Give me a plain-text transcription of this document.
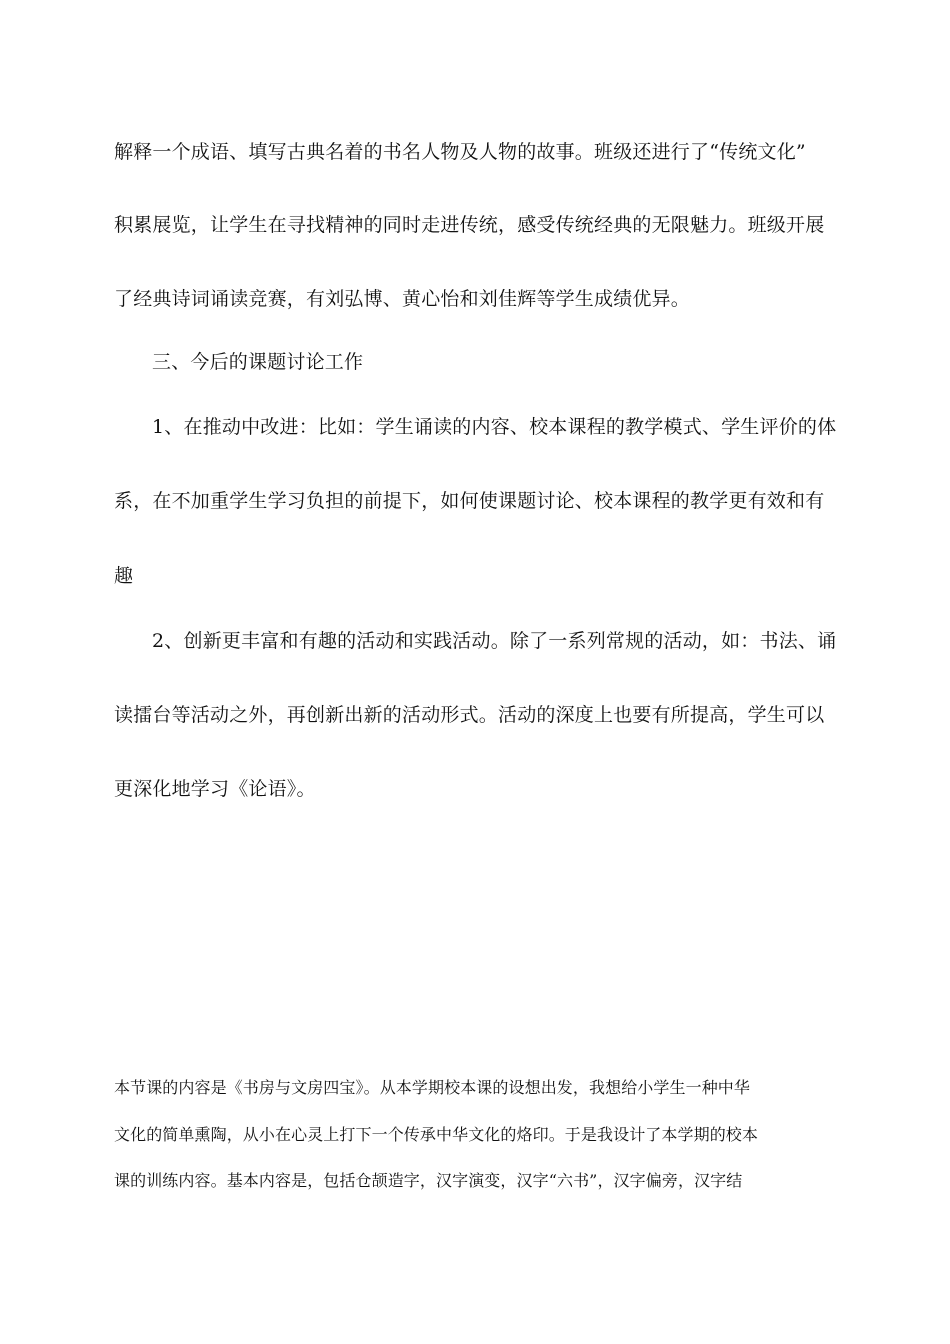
解释一个成语、填写古典名着的书名人物及人物的故事。班级还进行了“传统文化”
积累展览，让学生在寻找精神的同时走进传统，感受传统经典的无限魅力。班级开展
了经典诗词诵读竞赛，有刘弘博、黄心怡和刘佳辉等学生成绩优异。
三、今后的课题讨论工作
1、在推动中改进：比如：学生诵读的内容、校本课程的教学模式、学生评价的体
系，在不加重学生学习负担的前提下，如何使课题讨论、校本课程的教学更有效和有
趣
2、创新更丰富和有趣的活动和实践活动。除了一系列常规的活动，如：书法、诵
读擂台等活动之外，再创新出新的活动形式。活动的深度上也要有所提高，学生可以
更深化地学习《论语》。
本节课的内容是《书房与文房四宝》。从本学期校本课的设想出发，我想给小学生一种中华
文化的简单熏陶，从小在心灵上打下一个传承中华文化的烙印。于是我设计了本学期的校本
课的训练内容。基本内容是，包括仓颉造字，汉字演变，汉字“六书”，汉字偏旁，汉字结
